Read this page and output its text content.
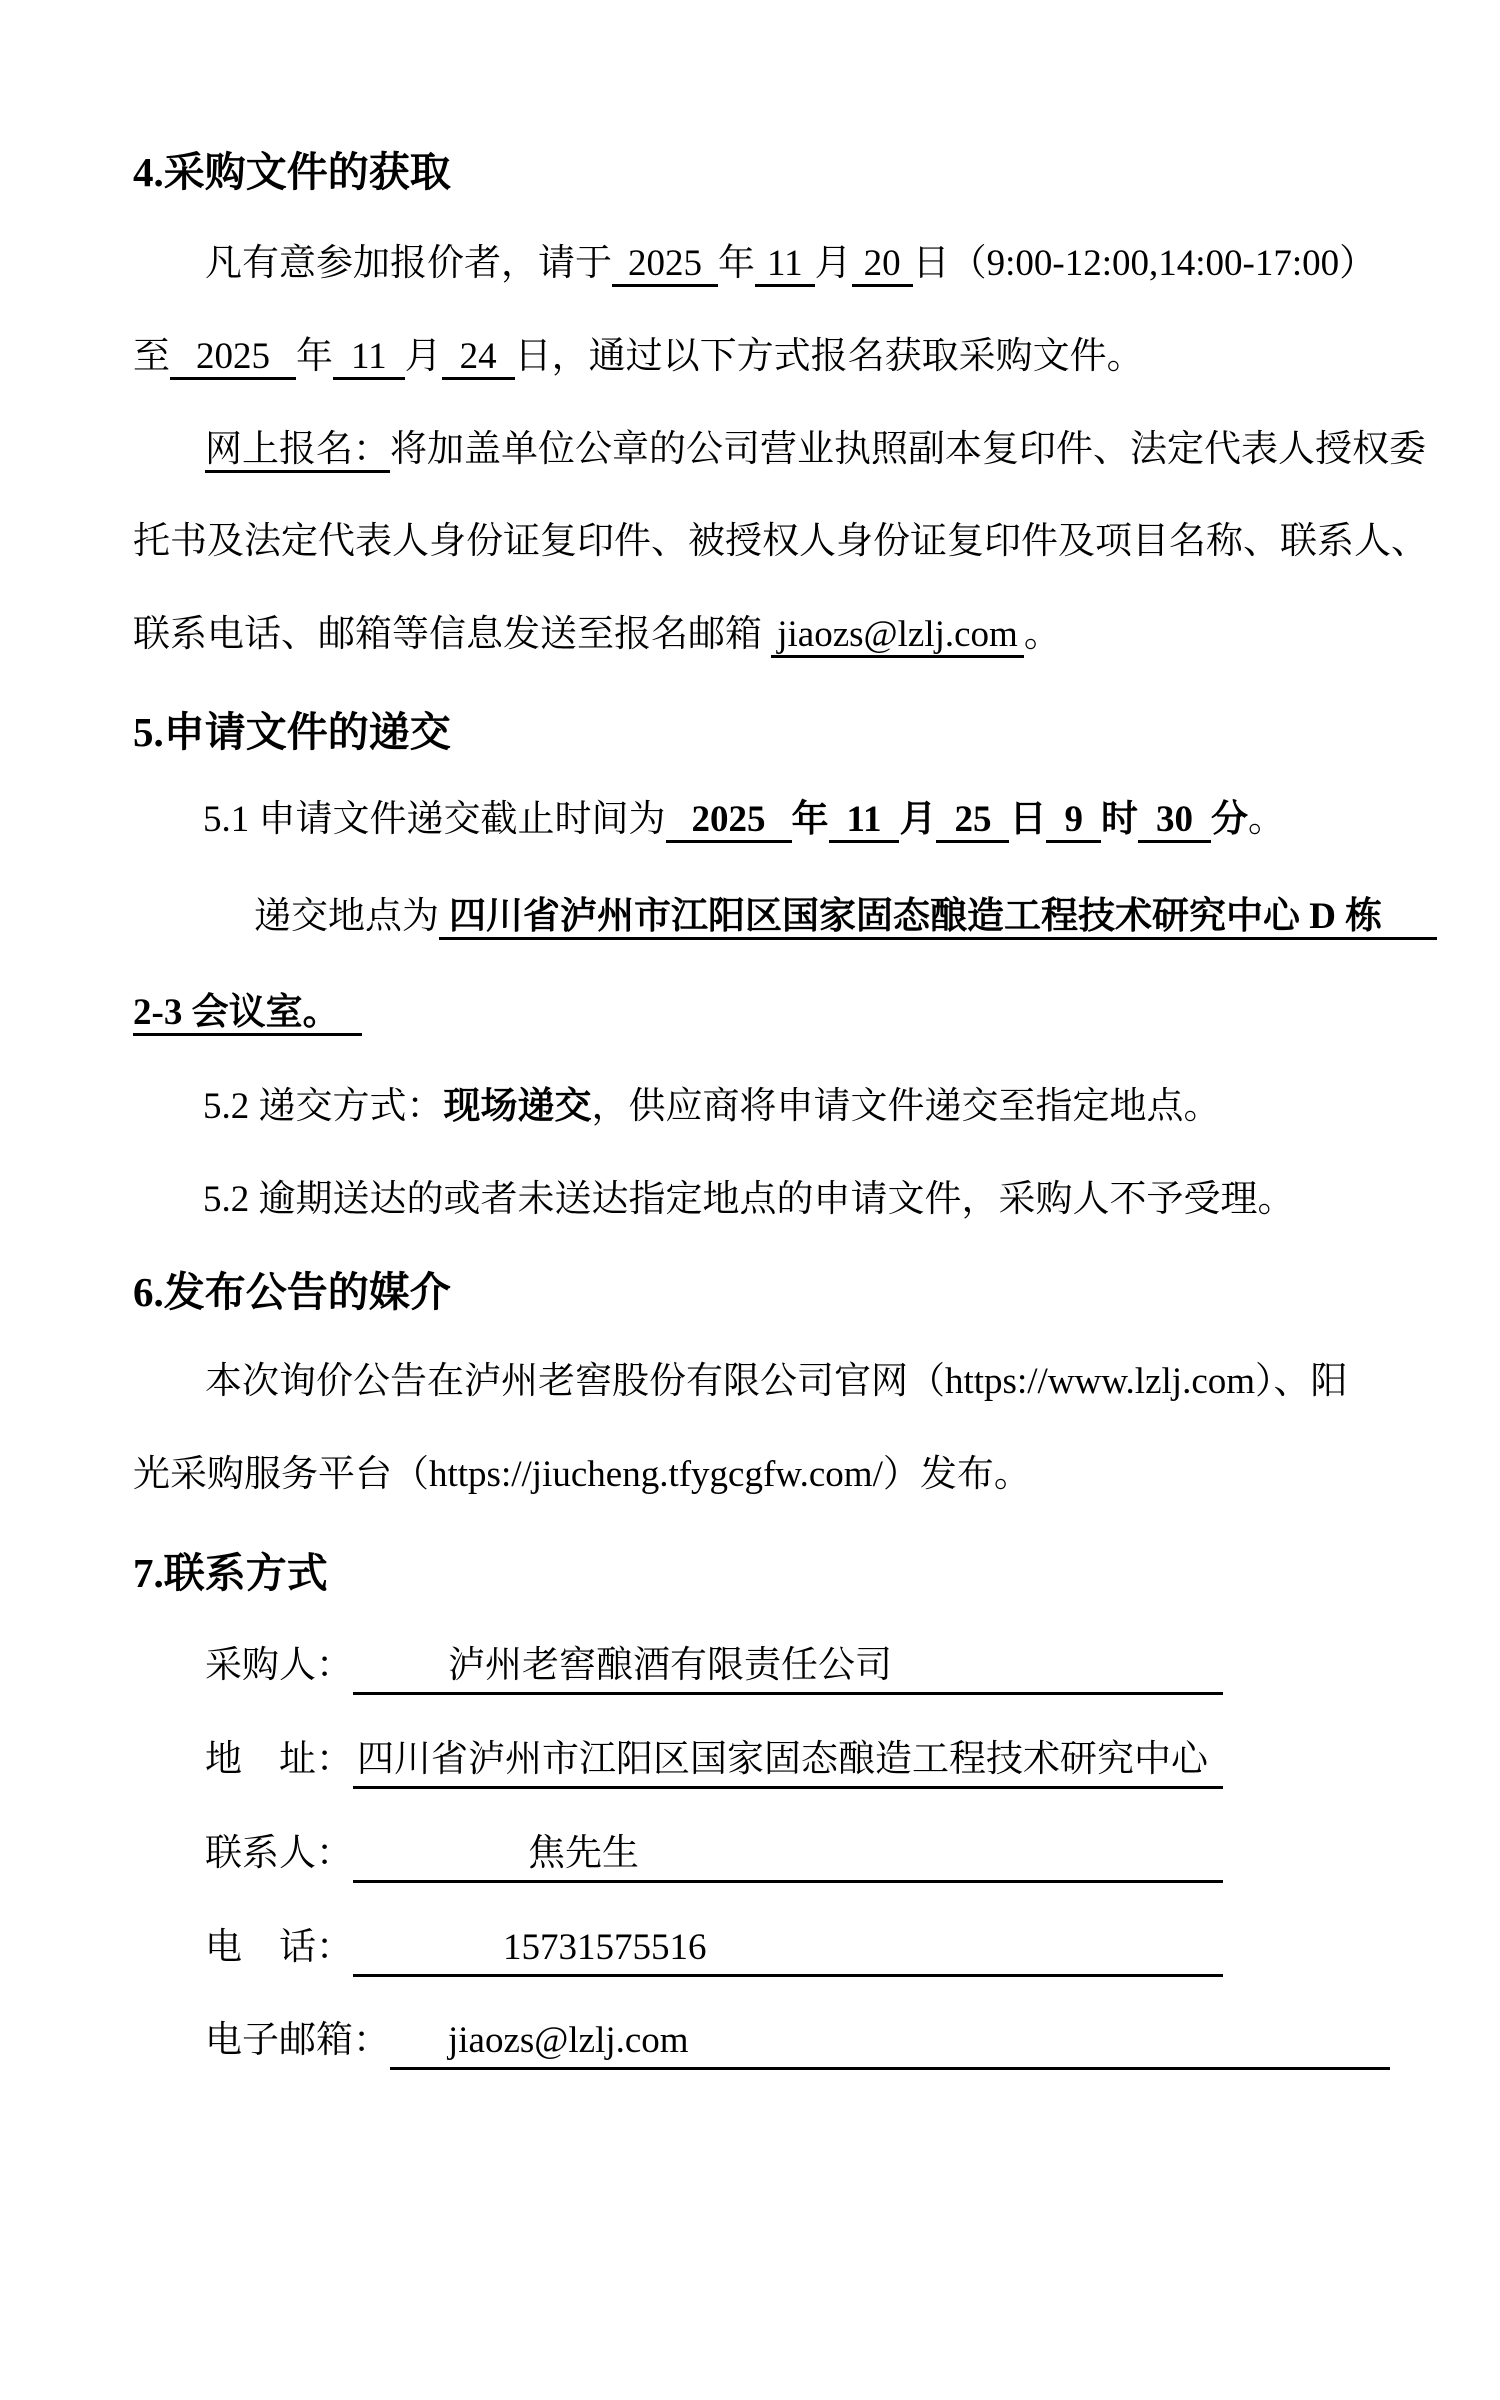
4.采购文件的获取
凡有意参加报价者，请于 2025 年 11 月 20 日（9:00-12:00,14:00-17:00）
至 2025 年 11 月 24 日，通过以下方式报名获取采购文件。
网上报名：将加盖单位公章的公司营业执照副本复印件、法定代表人授权委
托书及法定代表人身份证复印件、被授权人身份证复印件及项目名称、联系人、
联系电话、邮箱等信息发送至报名邮箱 jiaozs@lzlj.com 。
5.申请文件的递交
5.1 申请文件递交截止时间为 2025 年 11 月 25 日 9 时 30 分。
递交地点为 四川省泸州市江阳区国家固态酿造工程技术研究中心 D 栋
2-3 会议室。
5.2 递交方式：现场递交，供应商将申请文件递交至指定地点。
5.2 逾期送达的或者未送达指定地点的申请文件，采购人不予受理。
6.发布公告的媒介
本次询价公告在泸州老窖股份有限公司官网（https://www.lzlj.com）、阳
光采购服务平台（https://jiucheng.tfygcgfw.com/）发布。
7.联系方式
采购人：	泸州老窖酿酒有限责任公司
地　址： 四川省泸州市江阳区国家固态酿造工程技术研究中心
联系人：	焦先生
电　话：	15731575516
电子邮箱： jiaozs@lzlj.com
